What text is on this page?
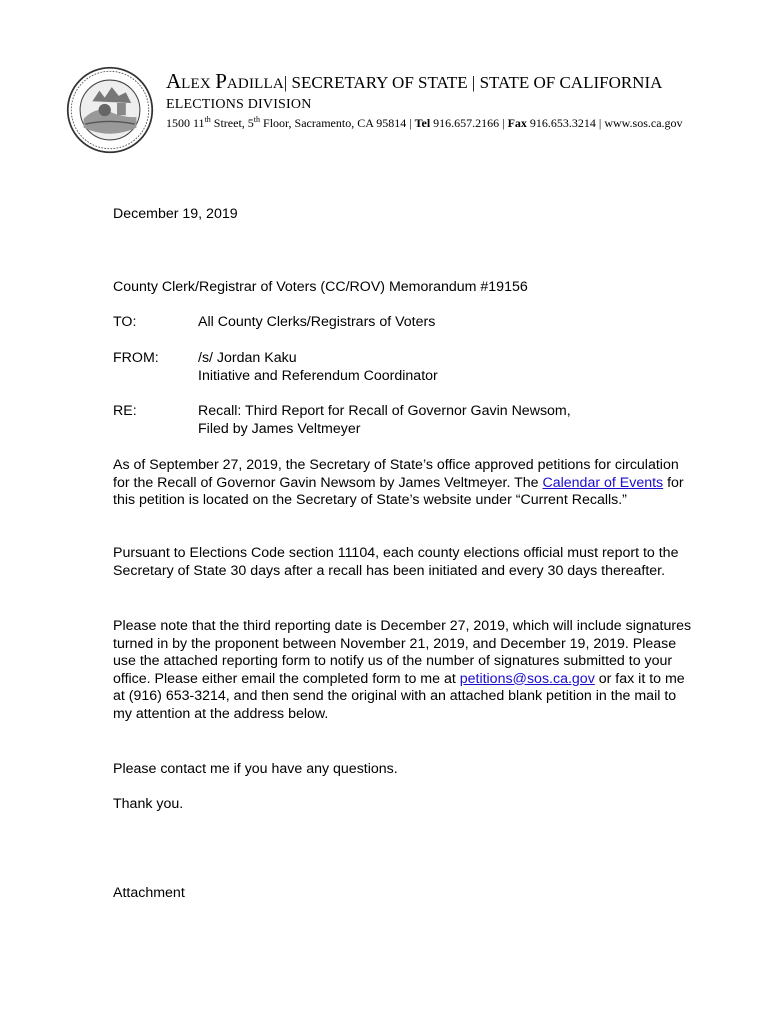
ALEX PADILLA| SECRETARY OF STATE | STATE OF CALIFORNIA
ELECTIONS DIVISION
1500 11th Street, 5th Floor, Sacramento, CA 95814 | Tel 916.657.2166 | Fax 916.653.3214 | www.sos.ca.gov
December 19, 2019
County Clerk/Registrar of Voters (CC/ROV) Memorandum #19156
TO:	All County Clerks/Registrars of Voters
FROM:	/s/ Jordan Kaku
Initiative and Referendum Coordinator
RE:	Recall: Third Report for Recall of Governor Gavin Newsom,
Filed by James Veltmeyer
As of September 27, 2019, the Secretary of State’s office approved petitions for circulation for the Recall of Governor Gavin Newsom by James Veltmeyer. The Calendar of Events for this petition is located on the Secretary of State’s website under “Current Recalls.”
Pursuant to Elections Code section 11104, each county elections official must report to the Secretary of State 30 days after a recall has been initiated and every 30 days thereafter.
Please note that the third reporting date is December 27, 2019, which will include signatures turned in by the proponent between November 21, 2019, and December 19, 2019. Please use the attached reporting form to notify us of the number of signatures submitted to your office. Please either email the completed form to me at petitions@sos.ca.gov or fax it to me at (916) 653-3214, and then send the original with an attached blank petition in the mail to my attention at the address below.
Please contact me if you have any questions.
Thank you.
Attachment
